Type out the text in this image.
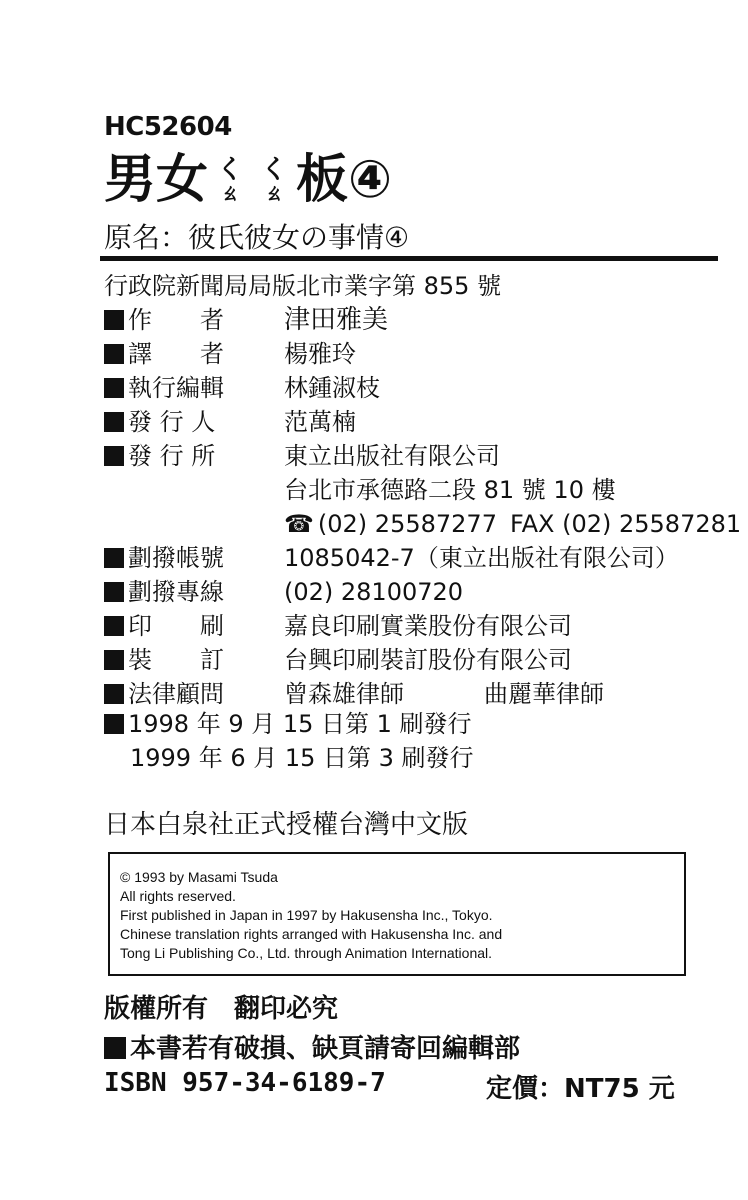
HC52604
男女 く
ㄠ
く
ㄠ 板④
原名：彼氏彼女の事情④
行政院新聞局局版北市業字第 855 號
作　　者 津田雅美
譯　　者	楊雅玲
執行編輯	林鍾淑枝
發 行 人	范萬楠
發 行 所	東立出版社有限公司
台北市承德路二段 81 號 10 樓
☎ (02) 25587277 FAX (02) 25587281
劃撥帳號	1085042-7（東立出版社有限公司）
劃撥專線	(02) 28100720
印　　刷	嘉良印刷實業股份有限公司
裝　　訂	台興印刷裝訂股份有限公司
法律顧問	曾森雄律師	曲麗華律師
1998 年 9 月 15 日第 1 刷發行
1999 年 6 月 15 日第 3 刷發行
日本白泉社正式授權台灣中文版
© 1993 by Masami Tsuda
All rights reserved.
First published in Japan in 1997 by Hakusensha Inc., Tokyo.
Chinese translation rights arranged with Hakusensha Inc. and
Tong Li Publishing Co., Ltd. through Animation International.
版權所有　翻印必究
本書若有破損、缺頁請寄回編輯部
ISBN 957-34-6189-7	定價：NT75 元
